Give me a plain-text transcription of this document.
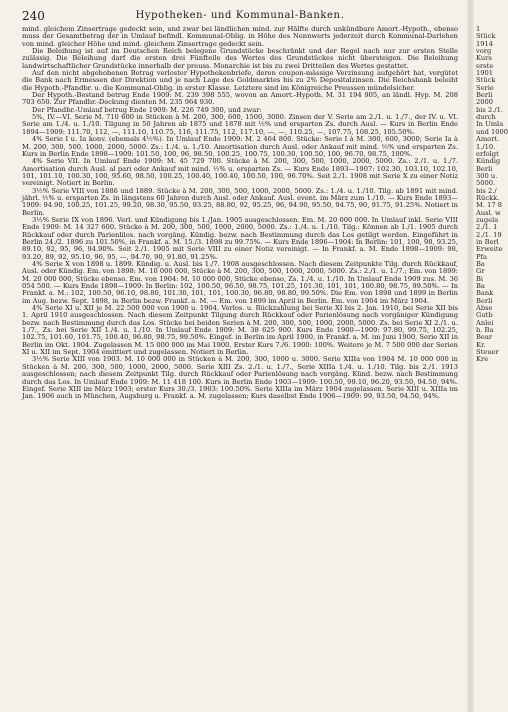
240	Hypotheken- und Kommunal-Banken.

mind. gleichem Zinsertrage gedeckt sein, und zwar bei ländlichen mind. zur Hälfte durch unkündbare Amort.-Hypoth., ebenso muss der Gesamtbetrag der in Umlauf befindl. Kommunal-Oblig. in Höhe des Nennwerts jederzeit durch Kommunal-Darlehen von mind. gleicher Höhe und mind. gleichem Zinsertrage gedeckt sein.

Die Beleihung ist auf im Deutschen Reich belegene Grundstücke beschränkt und der Regel nach nur zur ersten Stelle zulässig. Die Beleihung darf die ersten drei Fünfteile des Wertes des Grundstückes nicht übersteigen. Die Beleihung landwirtschaftlicher Grundstücke innerhalb der preuss. Monarchie ist bis zu zwei Dritteilen des Wertes gestattet.

Auf den nicht abgehobenen Betrag verloster Hypothekenbriefe, deren coupon-mässige Verzinsung aufgehört hat, vergütet die Bank nach Ermessen der Direktion und je nach Lage des Goldmarktes bis zu 2% Depositalzinsen. Die Reichsbank beleiht die Hypoth.-Pfandbr. u. die Kommunal-Oblig. in erster Klasse. Letztere sind im Königreiche Preussen mündelsicher.

Der Hypoth.-Bestand betrug Ende 1909: M. 239 398 555, wovon an Amort.-Hypoth. M. 31 194 905, an ländl. Hyp. M. 208 703 650. Zur Pfandbr.-Deckung dienten M. 235 964 930.

Der Pfandbr.-Umlauf betrug Ende 1909: M. 226 749 300, und zwar:

5%, IV.—VI. Serie M. 710 600 in Stücken à M. 200, 300, 600, 1500, 3000. Zinsen der V. Serie am 2./1. u. 1./7., der IV. u. VI. Serie am 1./4. u. 1./10. Tilgung in 50 Jahren ab 1875 und 1878 mit ½% und ersparten Zs. durch Ausl. — Kurs in Berlin Ende 1894—1909: 111.70, 112, —, 111.10, 110.75, 116, 111.75, 112, 117.10, —, —, 110.25, —, 107.75, 108.25, 105.50%.

4% Serie I u. Ia konv. (ebemals 4½%). In Umlauf Ende 1909: M. 2 464 800. Stücke: Serie I à M. 300, 600, 3000; Serie Ia à M. 200, 300, 500, 1000, 2000, 5000. Zs.: 1./4. u. 1./10. Amortisation durch Ausl. oder Ankauf mit mind. ½% und ersparten Zs. Kurs in Berlin Ende 1898—1909: 101.50, 100, 96, 98.50, 100.25, 100.75, 100.30, 100.50, 100, 96.70, 98.75, 100%.

4% Serie VII. In Umlauf Ende 1909: M. 45 729 700. Stücke à M. 200, 300, 500, 1000, 2000, 5000. Zs.: 2./1. u. 1./7. Amortisation durch Ausl. al pari oder Ankauf mit mind. ½% u. ersparten Zs. — Kurs Ende 1893—1907: 102.30, 103.10, 102.10, 101, 101.10, 100.30, 100, 95.60, 98.50, 100.25, 100.40, 100.40, 100.50, 100, 96.70%. Seit 2./1. 1908 mit Serie X zu einer Notiz vereinigt. Notiert in Berlin.

3½% Serie VIII von 1886 und 1889. Stücke à M. 200, 300, 500, 1000, 2000, 5000. Zs.: 1./4. u. 1./10. Tilg. ab 1891 mit mind. jährl. ½% u. ersparten Zs. in längstens 60 Jahren durch Ausl. oder Ankauf. Ausl. event. im März zum 1./10. — Kurs Ende 1893—1909: 94.90, 100.25, 101.25, 99.20, 98.30, 95.50, 93.25, 88.80, 92, 95.25, 96, 94.90, 95.50, 94.75, 90, 91.75, 91.25%. Notiert in Berlin.

3½% Serie IX von 1896. Verl. und Kündigung bis 1./Jan. 1905 ausgeschlossen. Em. M. 20 000 000. In Umlauf inkl. Serie VIII Ende 1909: M. 14 327 600. Stücke à M. 200, 300, 500, 1000, 2000, 5000. Zs.: 1./4. u. 1./10. Tilg.: Können ab 1./1. 1905 durch Rückkauf oder durch Parienlilos. nach vorgäng. Kündig. bezw. nach Bestimmung durch das Los getilgt werden. Eingeführt in Berlin 24./2. 1896 zu 101.50%, in Frankf. a. M. 15./3. 1898 zu 99.75%. — Kurs Ende 1896—1904: In Berlin: 101, 100, 98, 93.25, 89.10, 92, 95, 96, 94.90%. Seit 2./1. 1905 mit Serie VIII zu einer Notiz vereinigt. — In Frankf. a. M. Ende 1898—1909: 98, 93.20, 89, 92, 95.10, 96, 95, —, 94.70, 90, 91.80, 91.25%.

4% Serie X von 1898 u. 1899. Kündig. u. Ausl. bis 1./7. 1908 ausgeschlossen. Nach diesem Zeitpunkte Tilg. durch Rückkauf, Ausl. oder Kündig. Em. von 1898: M. 10 000 000, Stücke à M. 200, 300, 500, 1000, 2000, 5000. Zs.: 2./1. u. 1./7.; Em. von 1899: M. 20 000 000, Stücke ebenso. Em. von 1904: M. 10 000 000, Stücke ebenso, Zs. 1./4. u. 1./10. In Umlauf Ende 1909 zus. M. 36 054 500. — Kurs Ende 1898—1909: In Berlin: 102, 100.50, 96.50, 98.75, 101.25, 101.30, 101, 101, 100.80, 98.75, 99.50%. — In Frankf. a. M.: 102, 100.50, 96.10, 98.80, 101.30, 101, 101, 100.30, 96.80, 98.80, 99.50%. Die Em. von 1898 und 1899 in Berlin im Aug. bezw. Sept. 1898, in Berlin bezw. Frankf. a. M. — Em. von 1899 im April in Berlin. Em. von 1904 im März 1904.

4% Serie XI u. XII je M. 22 500 000 von 1900 u. 1904. Verlos. u. Rückzahlung bei Serie XI bis 2. Jan. 1910, bei Serie XII bis 1. April 1910 ausgeschlossen. Nach diesem Zeitpunkt Tilgung durch Rückkauf oder Parienlösung nach vorgäniger Kündigung bezw. nach Bestimmung durch das Los. Stücke bei beiden Serien à M. 200, 300, 500, 1000, 2000, 5000. Zs. bei Serie XI 2./1. u. 1./7., Zs. bei Serie XII 1./4. u. 1./10. In Umlauf Ende 1909: M. 38 625 900. Kurs Ende 1900—1909: 97.80, 99.75, 102.25, 102.75, 101.60, 101.75, 100.40, 96.80, 98.75, 99.50%. Eingef. in Berlin im April 1900, in Frankf. a. M. im Juni 1900, Serie XII in Berlin im Okt. 1904. Zugelassen M. 15 000 000 im Mai 1900. Erster Kurs 7./6. 1900: 100%. Weitere je M. 7 500 000 der Serien XI u. XII im Sept. 1904 emittiert und zugelassen. Notiert in Berlin.

3½% Serie XIII von 1903. M. 10 000 000 in Stücken à M. 200, 300, 1000 u. 3000. Serie XIIIa von 1904 M. 10 000 000 in Stücken à M. 200, 300, 500, 1000, 2000, 5000. Serie XIII Zs. 2./1. u. 1./7., Serie XIIIa 1./4. u. 1./10. Tilg. bis 2./1. 1913 ausgeschlossen; nach diesem Zeitpunkt Tilg. durch Rückkauf oder Parienlösung nach vorgäng. Künd. bezw. nach Bestimmung durch das Los. In Umlauf Ende 1909: M. 11 418 100. Kurs in Berlin Ende 1903—1909: 100.50, 99.10, 96.20, 93.50, 94.50, 94%. Eingef. Serie XIII im März 1903; erster Kurs 30./3. 1903: 100.50%. Serie XIIIa im März 1904 zugelassen. Serie XIII u. XIIIa im Jan. 1906 auch in München, Augsburg u. Frankf. a. M. zugelassen; Kurs daselbst Ende 1906—1909: 99, 93.50, 94.50, 94%.

1
Stück
1914
vorg
Kurs
erste
1901
Stück
Serie
Berli
2000
bis 2./1.
durch
In Umla
und 1000
Amort.
1./10.
erfolgt
Kündig
Berli
300 u.
5000.
bis 2./
Rückk.
M. 17 8
Ausl. w
zugela
2./1. 1
2./1. 19
in Berl
Erweite
Pfa
Ba
Gr
Bi
Ba
Bank
Berli
Abse
Gutb
Anlei
b. Ba
Bear
Kr.
Steuer
Kre
